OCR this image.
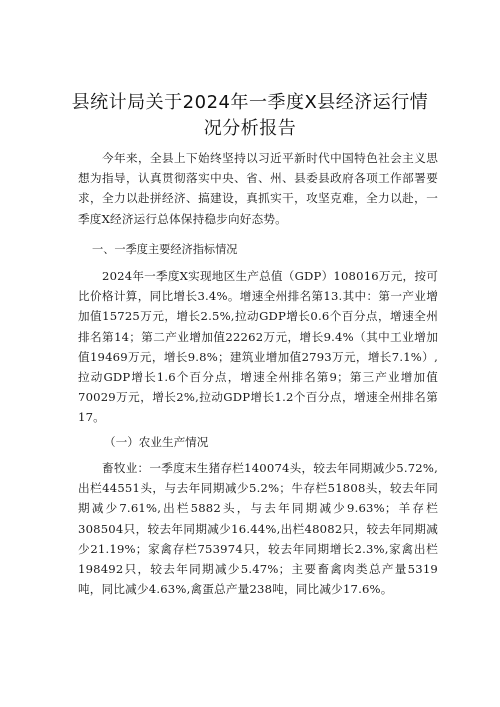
县统计局关于2024年一季度X县经济运行情
况分析报告
今年来，全县上下始终坚持以习近平新时代中国特色社会主义思想为指导，认真贯彻落实中央、省、州、县委县政府各项工作部署要求，全力以赴拼经济、搞建设，真抓实干，攻坚克难，全力以赴，一季度X经济运行总体保持稳步向好态势。
一、一季度主要经济指标情况
2024年一季度X实现地区生产总值（GDP）108016万元，按可比价格计算，同比增长3.4%。增速全州排名第13.其中：第一产业增加值15725万元，增长2.5%,拉动GDP增长0.6个百分点，增速全州排名第14；第二产业增加值22262万元，增长9.4%（其中工业增加值19469万元，增长9.8%；建筑业增加值2793万元，增长7.1%）,拉动GDP增长1.6个百分点，增速全州排名第9；第三产业增加值70029万元，增长2%,拉动GDP增长1.2个百分点，增速全州排名第17。
（一）农业生产情况
畜牧业：一季度末生猪存栏140074头，较去年同期减少5.72%,出栏44551头，与去年同期减少5.2%；牛存栏51808头，较去年同期减少7.61%,出栏5882头，与去年同期减少9.63%；羊存栏308504只，较去年同期减少16.44%,出栏48082只，较去年同期减少21.19%；家禽存栏753974只，较去年同期增长2.3%,家禽出栏198492只，较去年同期减少5.47%；主要畜禽肉类总产量5319吨，同比减少4.63%,禽蛋总产量238吨，同比减少17.6%。
